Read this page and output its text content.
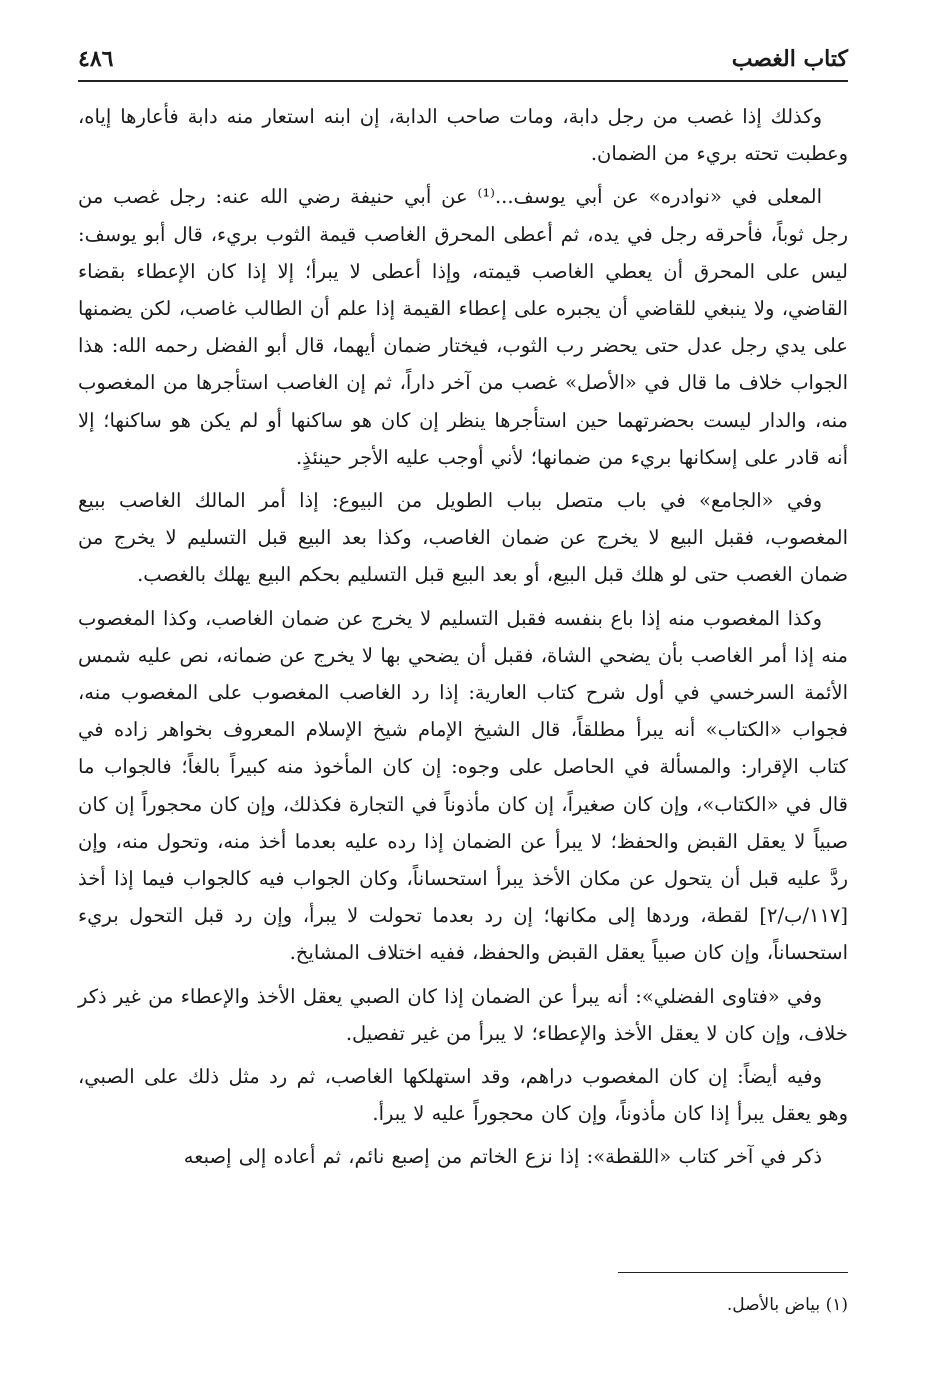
كتاب الغصب
٤٨٦

وكذلك إذا غصب من رجل دابة، ومات صاحب الدابة، إن ابنه استعار منه دابة فأعارها إياه، وعطبت تحته بريء من الضمان.

المعلى في «نوادره» عن أبي يوسف...⁽¹⁾ عن أبي حنيفة رضي الله عنه: رجل غصب من رجل ثوباً، فأحرقه رجل في يده، ثم أعطى المحرق الغاصب قيمة الثوب بريء، قال أبو يوسف: ليس على المحرق أن يعطي الغاصب قيمته، وإذا أعطى لا يبرأ؛ إلا إذا كان الإعطاء بقضاء القاضي، ولا ينبغي للقاضي أن يجبره على إعطاء القيمة إذا علم أن الطالب غاصب، لكن يضمنها على يدي رجل عدل حتى يحضر رب الثوب، فيختار ضمان أيهما، قال أبو الفضل رحمه الله: هذا الجواب خلاف ما قال في «الأصل» غصب من آخر داراً، ثم إن الغاصب استأجرها من المغصوب منه، والدار ليست بحضرتهما حين استأجرها ينظر إن كان هو ساكنها أو لم يكن هو ساكنها؛ إلا أنه قادر على إسكانها بريء من ضمانها؛ لأني أوجب عليه الأجر حينئذٍ.

وفي «الجامع» في باب متصل بباب الطويل من البيوع: إذا أمر المالك الغاصب ببيع المغصوب، فقبل البيع لا يخرج عن ضمان الغاصب، وكذا بعد البيع قبل التسليم لا يخرج من ضمان الغصب حتى لو هلك قبل البيع، أو بعد البيع قبل التسليم بحكم البيع يهلك بالغصب.

وكذا المغصوب منه إذا باع بنفسه فقبل التسليم لا يخرج عن ضمان الغاصب، وكذا المغصوب منه إذا أمر الغاصب بأن يضحي الشاة، فقبل أن يضحي بها لا يخرج عن ضمانه، نص عليه شمس الأئمة السرخسي في أول شرح كتاب العارية: إذا رد الغاصب المغصوب على المغصوب منه، فجواب «الكتاب» أنه يبرأ مطلقاً، قال الشيخ الإمام شيخ الإسلام المعروف بخواهر زاده في كتاب الإقرار: والمسألة في الحاصل على وجوه: إن كان المأخوذ منه كبيراً بالغاً؛ فالجواب ما قال في «الكتاب»، وإن كان صغيراً، إن كان مأذوناً في التجارة فكذلك، وإن كان محجوراً إن كان صبياً لا يعقل القبض والحفظ؛ لا يبرأ عن الضمان إذا رده عليه بعدما أخذ منه، وتحول منه، وإن ردَّ عليه قبل أن يتحول عن مكان الأخذ يبرأ استحساناً، وكان الجواب فيه كالجواب فيما إذا أخذ [١١٧/ب/٢] لقطة، وردها إلى مكانها؛ إن رد بعدما تحولت لا يبرأ، وإن رد قبل التحول بريء استحساناً، وإن كان صبياً يعقل القبض والحفظ، ففيه اختلاف المشايخ.

وفي «فتاوى الفضلي»: أنه يبرأ عن الضمان إذا كان الصبي يعقل الأخذ والإعطاء من غير ذكر خلاف، وإن كان لا يعقل الأخذ والإعطاء؛ لا يبرأ من غير تفصيل.

وفيه أيضاً: إن كان المغصوب دراهم، وقد استهلكها الغاصب، ثم رد مثل ذلك على الصبي، وهو يعقل يبرأ إذا كان مأذوناً، وإن كان محجوراً عليه لا يبرأ.

ذكر في آخر كتاب «اللقطة»: إذا نزع الخاتم من إصبع نائم، ثم أعاده إلى إصبعه

(١) بياض بالأصل.
